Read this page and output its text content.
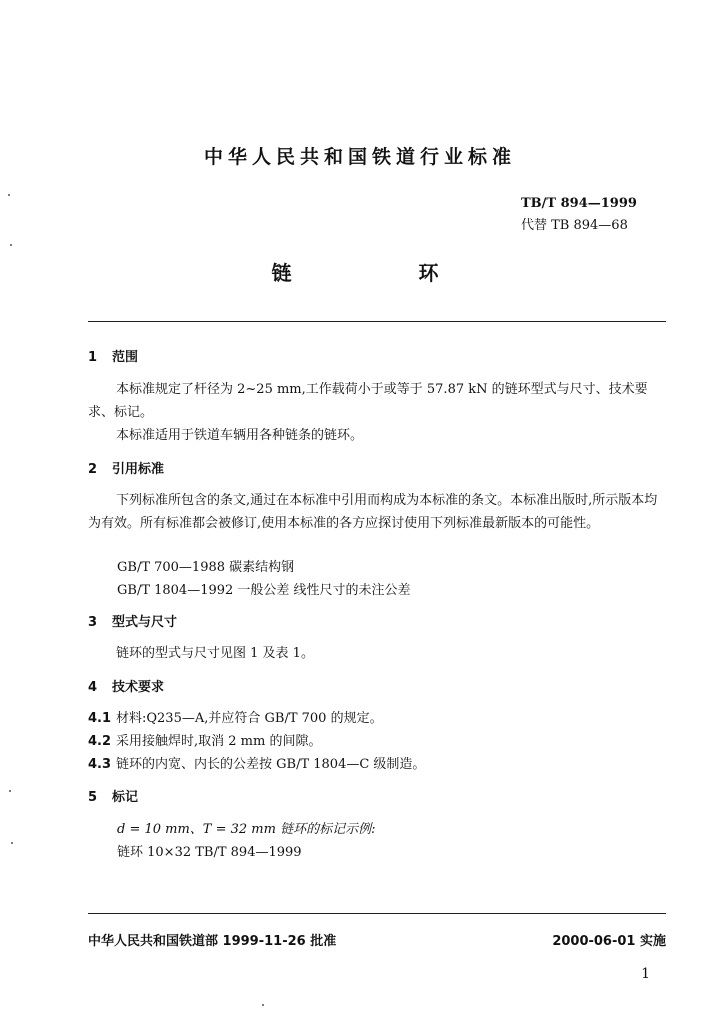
中华人民共和国铁道行业标准
TB/T 894—1999
代替 TB 894—68
链 环
1 范围
本标准规定了杆径为 2~25 mm,工作载荷小于或等于 57.87 kN 的链环型式与尺寸、技术要求、标记。
本标准适用于铁道车辆用各种链条的链环。
2 引用标准
下列标准所包含的条文,通过在本标准中引用而构成为本标准的条文。本标准出版时,所示版本均为有效。所有标准都会被修订,使用本标准的各方应探讨使用下列标准最新版本的可能性。
GB/T 700—1988 碳素结构钢
GB/T 1804—1992 一般公差 线性尺寸的未注公差
3 型式与尺寸
链环的型式与尺寸见图 1 及表 1。
4 技术要求
4.1 材料:Q235—A,并应符合 GB/T 700 的规定。
4.2 采用接触焊时,取消 2 mm 的间隙。
4.3 链环的内宽、内长的公差按 GB/T 1804—C 级制造。
5 标记
d = 10 mm、T = 32 mm 链环的标记示例:
链环 10×32 TB/T 894—1999
中华人民共和国铁道部 1999-11-26 批准	2000-06-01 实施
1
